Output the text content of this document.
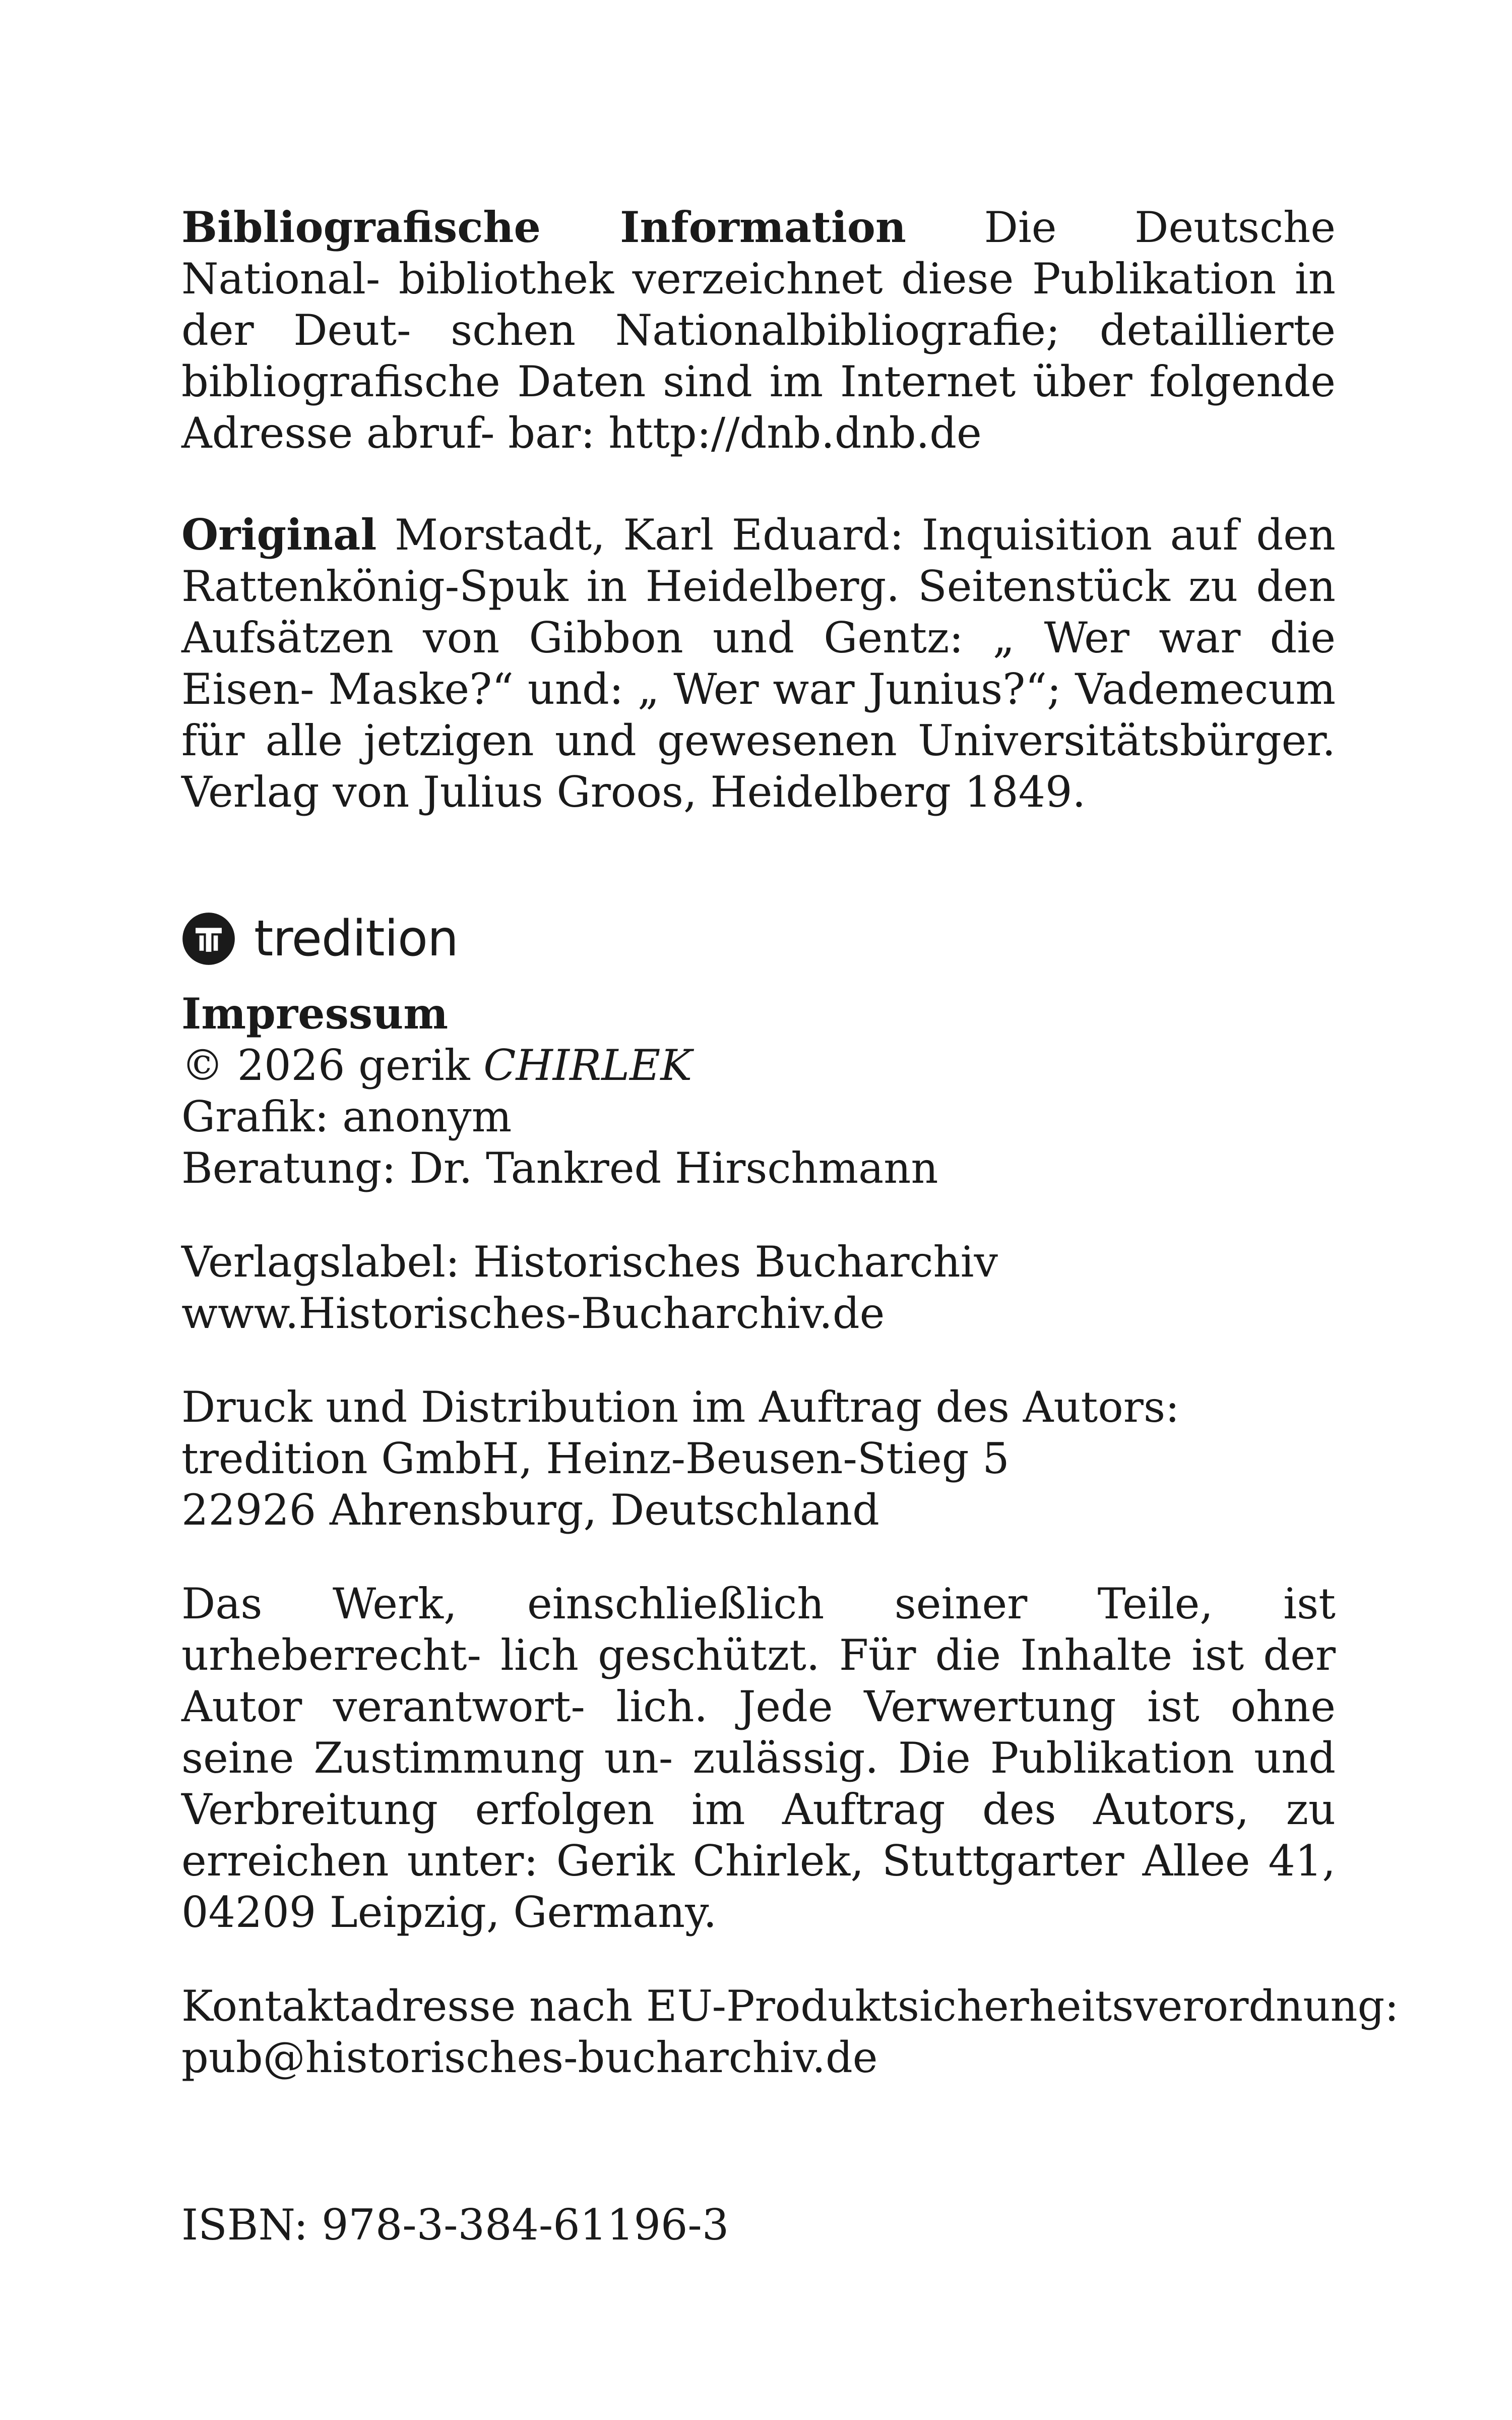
Bibliografische Information Die Deutsche National- bibliothek verzeichnet diese Publikation in der Deut- schen Nationalbibliografie; detaillierte bibliografische Daten sind im Internet über folgende Adresse abruf- bar: http://dnb.dnb.de

Original Morstadt, Karl Eduard: Inquisition auf den Rattenkönig-Spuk in Heidelberg. Seitenstück zu den Aufsätzen von Gibbon und Gentz: „ Wer war die Eisen- Maske?“ und: „ Wer war Junius?“; Vademecum für alle jetzigen und gewesenen Universitätsbürger. Verlag von Julius Groos, Heidelberg 1849.

tredition
Impressum
© 2026 gerik CHIRLEK
Grafik: anonym
Beratung: Dr. Tankred Hirschmann
Verlagslabel: Historisches Bucharchiv
www.Historisches-Bucharchiv.de
Druck und Distribution im Auftrag des Autors:
tredition GmbH, Heinz-Beusen-Stieg 5
22926 Ahrensburg, Deutschland

Das Werk, einschließlich seiner Teile, ist urheberrecht- lich geschützt. Für die Inhalte ist der Autor verantwort- lich. Jede Verwertung ist ohne seine Zustimmung un- zulässig. Die Publikation und Verbreitung erfolgen im Auftrag des Autors, zu erreichen unter: Gerik Chirlek, Stuttgarter Allee 41, 04209 Leipzig, Germany.

Kontaktadresse nach EU-Produktsicherheitsverordnung:
pub@historisches-bucharchiv.de
ISBN: 978-3-384-61196-3
